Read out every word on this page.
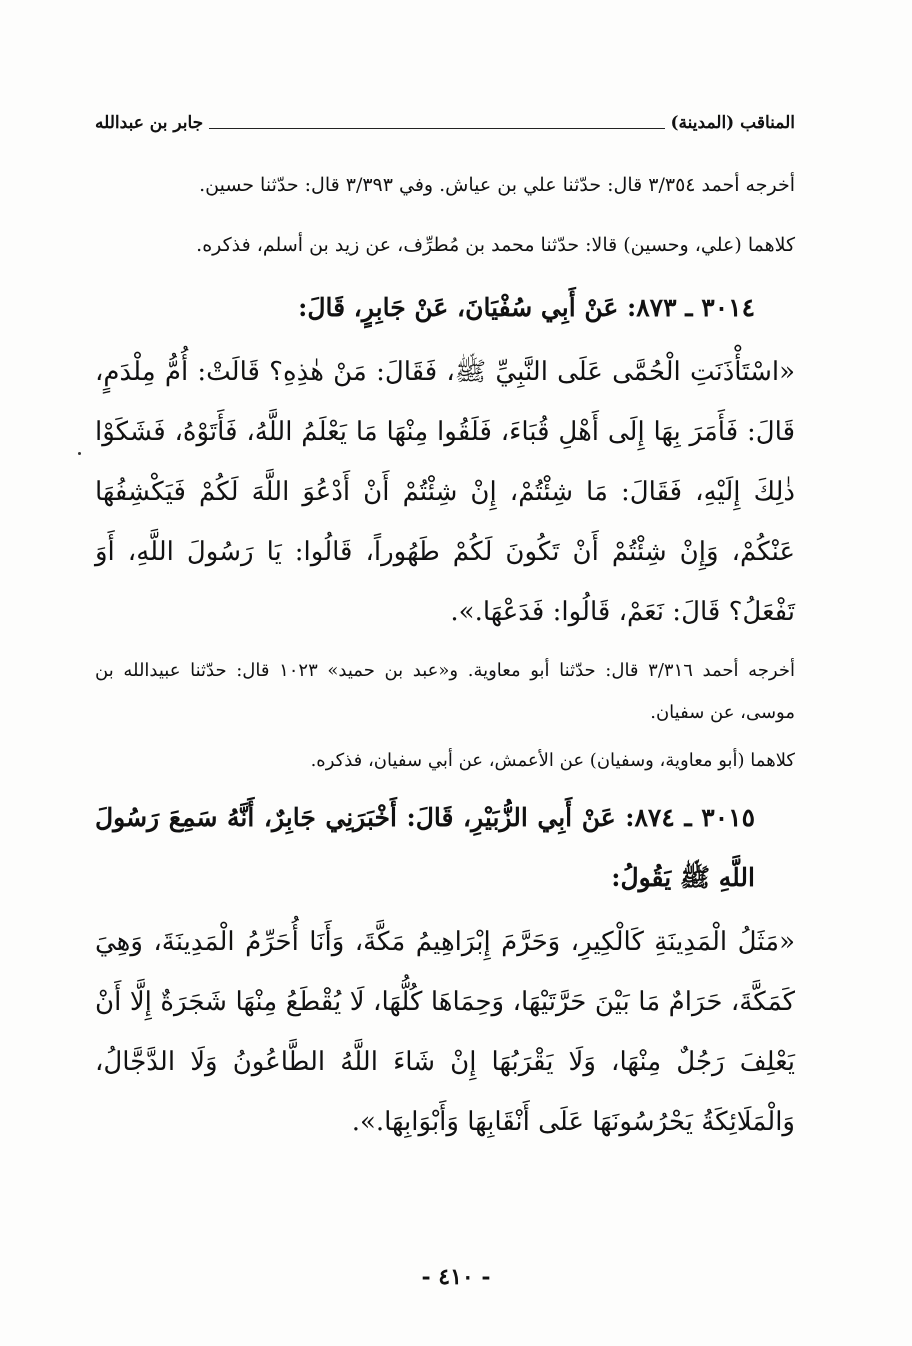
المناقب (المدينة)
جابر بن عبدالله

أخرجه أحمد ٣/٣٥٤ قال: حدّثنا علي بن عياش. وفي ٣/٣٩٣ قال: حدّثنا حسين.

كلاهما (علي، وحسين) قالا: حدّثنا محمد بن مُطرِّف، عن زيد بن أسلم، فذكره.

٣٠١٤ ـ ٨٧٣: عَنْ أَبِي سُفْيَانَ، عَنْ جَابِرٍ، قَالَ:

«اسْتَأْذَنَتِ الْحُمَّى عَلَى النَّبِيِّ ﷺ، فَقَالَ: مَنْ هٰذِهِ؟ قَالَتْ: أُمُّ مِلْدَمٍ، قَالَ: فَأَمَرَ بِهَا إِلَى أَهْلِ قُبَاءَ، فَلَقُوا مِنْهَا مَا يَعْلَمُ اللَّهُ، فَأَتَوْهُ، فَشَكَوْا ذٰلِكَ إِلَيْهِ، فَقَالَ: مَا شِئْتُمْ، إِنْ شِئْتُمْ أَنْ أَدْعُوَ اللَّهَ لَكُمْ فَيَكْشِفُهَا عَنْكُمْ، وَإِنْ شِئْتُمْ أَنْ تَكُونَ لَكُمْ طَهُوراً، قَالُوا: يَا رَسُولَ اللَّهِ، أَوَ تَفْعَلُ؟ قَالَ: نَعَمْ، قَالُوا: فَدَعْهَا.».

أخرجه أحمد ٣/٣١٦ قال: حدّثنا أبو معاوية. و«عبد بن حميد» ١٠٢٣ قال: حدّثنا عبيدالله بن موسى، عن سفيان.

كلاهما (أبو معاوية، وسفيان) عن الأعمش، عن أبي سفيان، فذكره.

٣٠١٥ ـ ٨٧٤: عَنْ أَبِي الزُّبَيْرِ، قَالَ: أَخْبَرَنِي جَابِرٌ، أَنَّهُ سَمِعَ رَسُولَ اللَّهِ ﷺ يَقُولُ:

«مَثَلُ الْمَدِينَةِ كَالْكِيرِ، وَحَرَّمَ إِبْرَاهِيمُ مَكَّةَ، وَأَنَا أُحَرِّمُ الْمَدِينَةَ، وَهِيَ كَمَكَّةَ، حَرَامٌ مَا بَيْنَ حَرَّتَيْهَا، وَحِمَاهَا كُلُّهَا، لَا يُقْطَعُ مِنْهَا شَجَرَةٌ إِلَّا أَنْ يَعْلِفَ رَجُلٌ مِنْهَا، وَلَا يَقْرَبُهَا إِنْ شَاءَ اللَّهُ الطَّاعُونُ وَلَا الدَّجَّالُ، وَالْمَلَائِكَةُ يَحْرُسُونَهَا عَلَى أَنْقَابِهَا وَأَبْوَابِهَا.».

- ٤١٠ -
